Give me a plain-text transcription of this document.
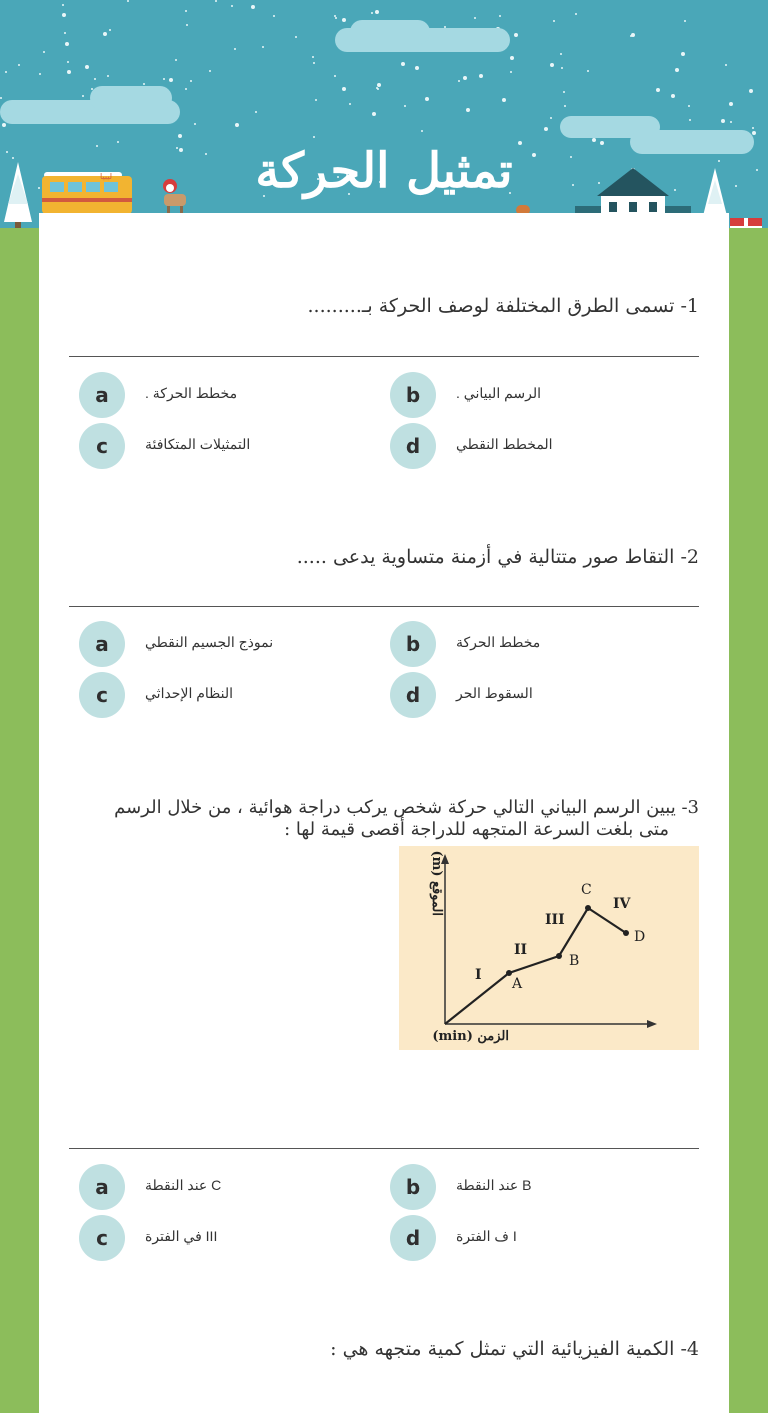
تمثيل الحركة
ليبيا
1- تسمى الطرق المختلفة لوصف الحركة بـ.........
a	. مخطط الحركة	b	. الرسم البياني
c	التمثيلات المتكافئة	d	المخطط النقطي
2- التقاط صور متتالية في أزمنة متساوية يدعى .....
a	نموذج الجسيم النقطي	b	مخطط الحركة
c	النظام الإحداثي	d	السقوط الحر
3- يبين الرسم البياني التالي حركة شخص يركب دراجة هوائية ، من خلال الرسم
متى بلغت السرعة المتجهه للدراجة أقصى قيمة لها :
A
B
C
D
I
II
III
IV
الزمن (min)
الموقع (m)
a	عند النقطة C	b	عند النقطة B
c	في الفترة III	d	ف الفترة I
4- الكمية الفيزيائية التي تمثل كمية متجهه هي :
